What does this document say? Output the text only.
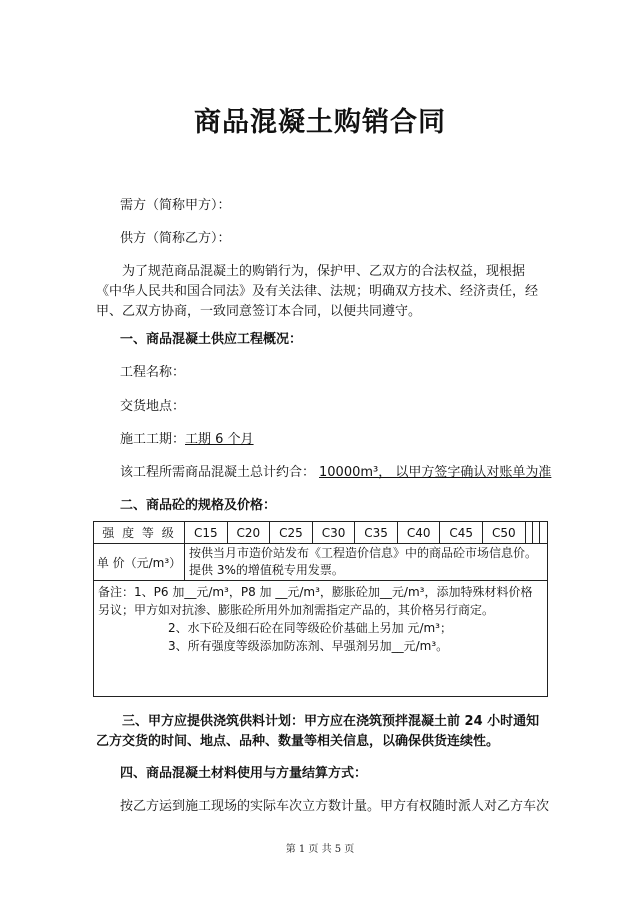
商品混凝土购销合同
需方（简称甲方）：
供方（简称乙方）：
为了规范商品混凝土的购销行为，保护甲、乙双方的合法权益，现根据《中华人民共和国合同法》及有关法律、法规；明确双方技术、经济责任，经甲、乙双方协商，一致同意签订本合同，以便共同遵守。
一、商品混凝土供应工程概况：
工程名称：
交货地点：
施工工期：工期 6 个月
该工程所需商品混凝土总计约合： 10000m³， 以甲方签字确认对账单为准
二、商品砼的规格及价格：
强 度 等 级	C15	C20	C25	C30	C35	C40	C45	C50			
单 价（元/m³）	按供当月市造价站发布《工程造价信息》中的商品砼市场信息价。提供 3%的增值税专用发票。										

备注：1、P6 加__元/m³，P8 加 __元/m³，膨胀砼加__元/m³，添加特殊材料价格另议；甲方如对抗渗、膨胀砼所用外加剂需指定产品的，其价格另行商定。
2、水下砼及细石砼在同等级砼价基础上另加 元/m³；
3、所有强度等级添加防冻剂、早强剂另加__元/m³。											
三、甲方应提供浇筑供料计划：甲方应在浇筑预拌混凝土前 24 小时通知乙方交货的时间、地点、品种、数量等相关信息，以确保供货连续性。
四、商品混凝土材料使用与方量结算方式：
按乙方运到施工现场的实际车次立方数计量。甲方有权随时派人对乙方车次
第 1 页 共 5 页
